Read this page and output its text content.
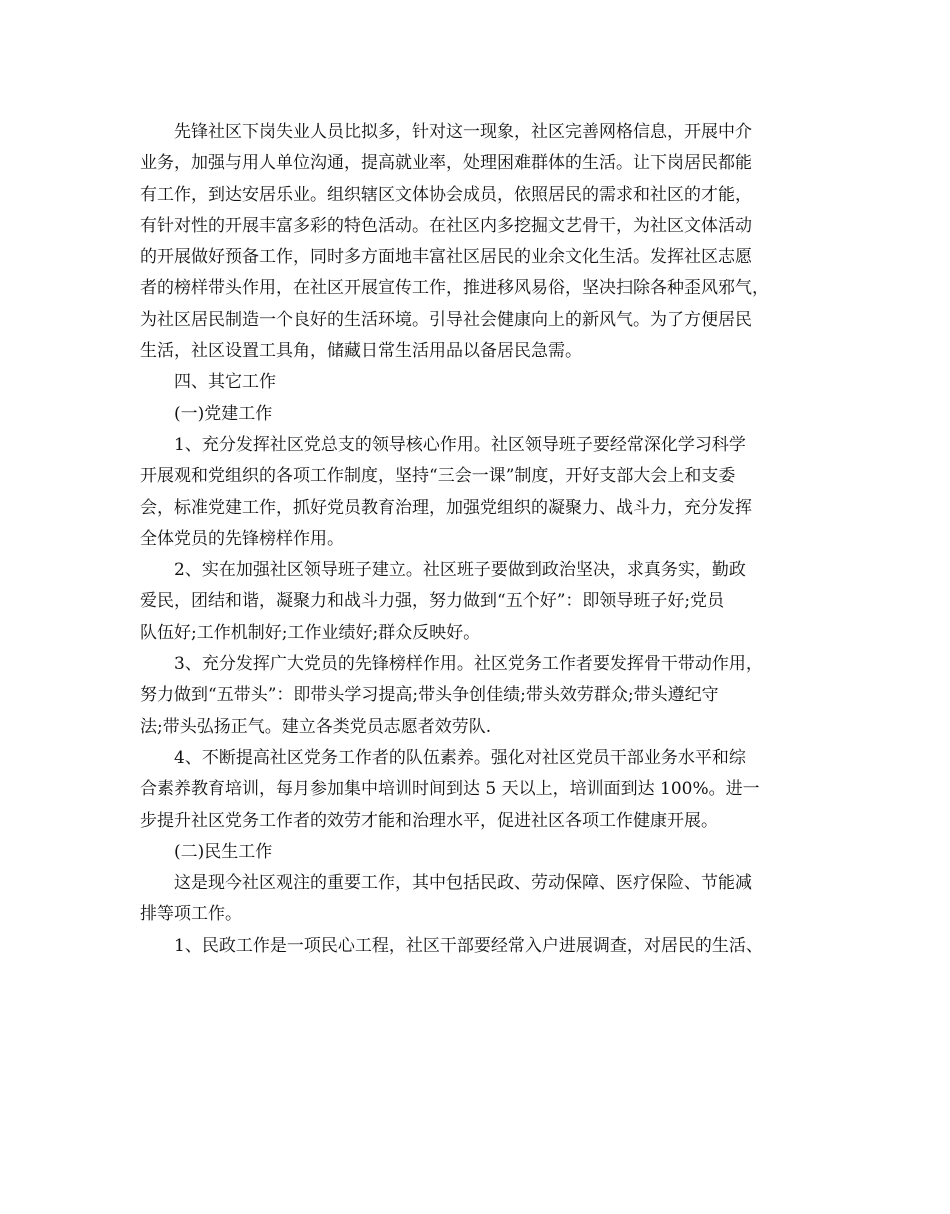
先锋社区下岗失业人员比拟多，针对这一现象，社区完善网格信息，开展中介
业务，加强与用人单位沟通，提高就业率，处理困难群体的生活。让下岗居民都能
有工作，到达安居乐业。组织辖区文体协会成员，依照居民的需求和社区的才能，
有针对性的开展丰富多彩的特色活动。在社区内多挖掘文艺骨干，为社区文体活动
的开展做好预备工作，同时多方面地丰富社区居民的业余文化生活。发挥社区志愿
者的榜样带头作用，在社区开展宣传工作，推进移风易俗，坚决扫除各种歪风邪气，
为社区居民制造一个良好的生活环境。引导社会健康向上的新风气。为了方便居民
生活，社区设置工具角，储藏日常生活用品以备居民急需。
四、其它工作
(一)党建工作
1、充分发挥社区党总支的领导核心作用。社区领导班子要经常深化学习科学
开展观和党组织的各项工作制度，坚持“三会一课”制度，开好支部大会上和支委
会，标准党建工作，抓好党员教育治理，加强党组织的凝聚力、战斗力，充分发挥
全体党员的先锋榜样作用。
2、实在加强社区领导班子建立。社区班子要做到政治坚决，求真务实，勤政
爱民，团结和谐，凝聚力和战斗力强，努力做到“五个好”：即领导班子好;党员
队伍好;工作机制好;工作业绩好;群众反映好。
3、充分发挥广大党员的先锋榜样作用。社区党务工作者要发挥骨干带动作用，
努力做到“五带头”：即带头学习提高;带头争创佳绩;带头效劳群众;带头遵纪守
法;带头弘扬正气。建立各类党员志愿者效劳队.
4、不断提高社区党务工作者的队伍素养。强化对社区党员干部业务水平和综
合素养教育培训，每月参加集中培训时间到达 5 天以上，培训面到达 100%。进一
步提升社区党务工作者的效劳才能和治理水平，促进社区各项工作健康开展。
(二)民生工作
这是现今社区观注的重要工作，其中包括民政、劳动保障、医疗保险、节能减
排等项工作。
1、民政工作是一项民心工程，社区干部要经常入户进展调查，对居民的生活、
